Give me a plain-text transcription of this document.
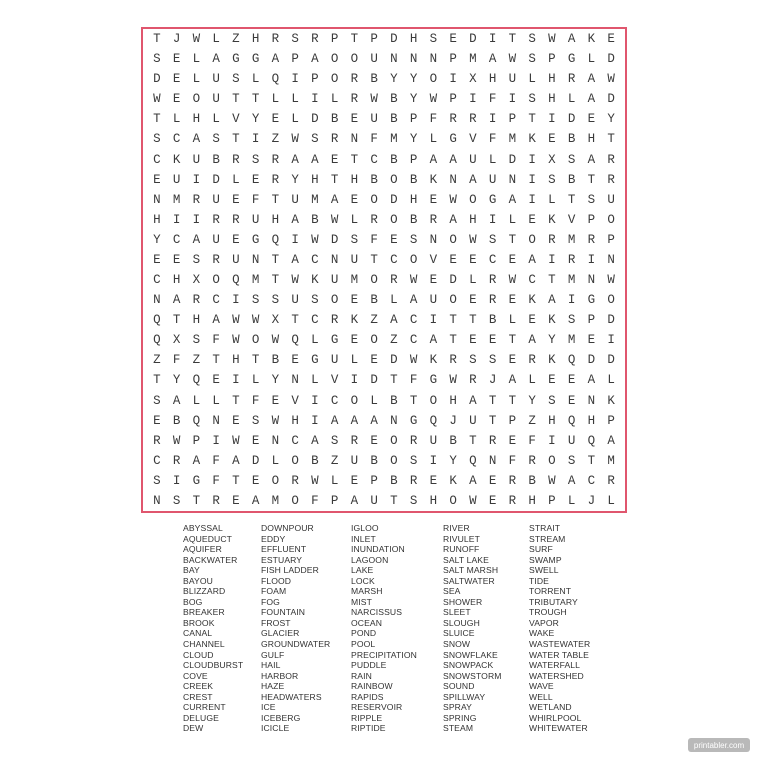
T J W L Z H R S R P T P D H S E D I T S W A K E
S E L A G G A P A O O U N N N P M A W S P G L D
D E L U S L Q I P O R B Y Y O I X H U L H R A W
W E O U T T L L I L R W B Y W P I F I S H L A D
T L H L V Y E L D B E U B P F R R I P T I D E Y
S C A S T I Z W S R N F M Y L G V F M K E B H T
C K U B R S R A A E T C B P A A U L D I X S A R
E U I D L E R Y H T H B O B K N A U N I S B T R
N M R U E F T U M A E O D H E W O G A I L T S U
H I I R R U H A B W L R O B R A H I L E K V P O
Y C A U E G Q I W D S F E S N O W S T O R M R P
E E S R U N T A C N U T C O V E E C E A I R I N
C H X O Q M T W K U M O R W E D L R W C T M N W
N A R C I S S U S O E B L A U O E R E K A I G O
Q T H A W W X T C R K Z A C I T T B L E K S P D
Q X S F W O W Q L G E O Z C A T E E T A Y M E I
Z F Z T H T B E G U L E D W K R S S E R K Q D D
T Y Q E I L Y N L V I D T F G W R J A L E E A L
S A L L T F E V I C O L B T O H A T T Y S E N K
E B Q N E S W H I A A A N G Q J U T P Z H Q H P
R W P I W E N C A S R E O R U B T R E F I U Q A
C R A F A D L O B Z U B O S I Y Q N F R O S T M
S I G F T E O R W L E P B R E K A E R B W A C R
N S T R E A M O F P A U T S H O W E R H P L J L
ABYSSAL
AQUEDUCT
AQUIFER
BACKWATER
BAY
BAYOU
BLIZZARD
BOG
BREAKER
BROOK
CANAL
CHANNEL
CLOUD
CLOUDBURST
COVE
CREEK
CREST
CURRENT
DELUGE
DEW
DOWNPOUR
EDDY
EFFLUENT
ESTUARY
FISH LADDER
FLOOD
FOAM
FOG
FOUNTAIN
FROST
GLACIER
GROUNDWATER
GULF
HAIL
HARBOR
HAZE
HEADWATERS
ICE
ICEBERG
ICICLE
IGLOO
INLET
INUNDATION
LAGOON
LAKE
LOCK
MARSH
MIST
NARCISSUS
OCEAN
POND
POOL
PRECIPITATION
PUDDLE
RAIN
RAINBOW
RAPIDS
RESERVOIR
RIPPLE
RIPTIDE
RIVER
RIVULET
RUNOFF
SALT LAKE
SALT MARSH
SALTWATER
SEA
SHOWER
SLEET
SLOUGH
SLUICE
SNOW
SNOWFLAKE
SNOWPACK
SNOWSTORM
SOUND
SPILLWAY
SPRAY
SPRING
STEAM
STRAIT
STREAM
SURF
SWAMP
SWELL
TIDE
TORRENT
TRIBUTARY
TROUGH
VAPOR
WAKE
WASTEWATER
WATER TABLE
WATERFALL
WATERSHED
WAVE
WELL
WETLAND
WHIRLPOOL
WHITEWATER
printabler.com
